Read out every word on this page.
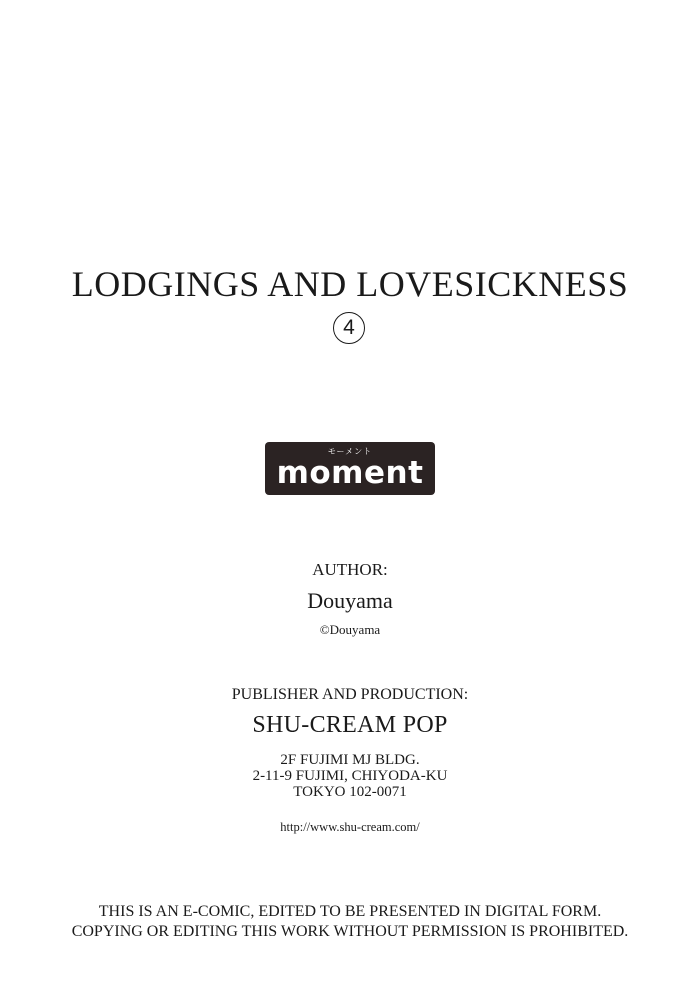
LODGINGS AND LOVESICKNESS
4
モーメント
moment
AUTHOR:
Douyama
©Douyama
PUBLISHER AND PRODUCTION:
SHU-CREAM POP
2F FUJIMI MJ BLDG.
2-11-9 FUJIMI, CHIYODA-KU
TOKYO 102-0071
http://www.shu-cream.com/
THIS IS AN E-COMIC, EDITED TO BE PRESENTED IN DIGITAL FORM.
COPYING OR EDITING THIS WORK WITHOUT PERMISSION IS PROHIBITED.
